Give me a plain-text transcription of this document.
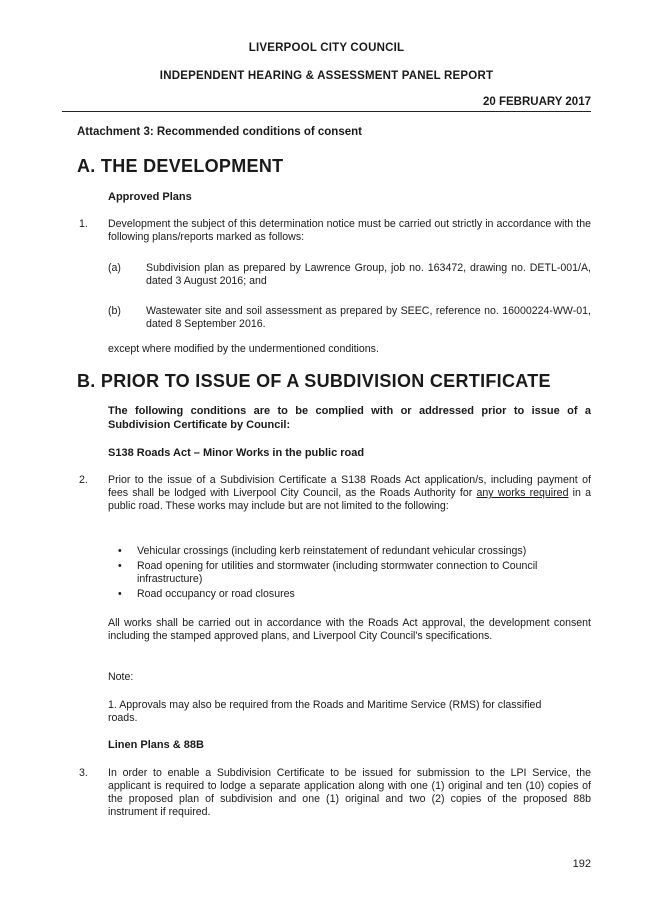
LIVERPOOL CITY COUNCIL
INDEPENDENT HEARING & ASSESSMENT PANEL REPORT
20 FEBRUARY 2017
Attachment 3: Recommended conditions of consent
A. THE DEVELOPMENT
Approved Plans
1. Development the subject of this determination notice must be carried out strictly in accordance with the following plans/reports marked as follows:
(a) Subdivision plan as prepared by Lawrence Group, job no. 163472, drawing no. DETL-001/A, dated 3 August 2016; and
(b) Wastewater site and soil assessment as prepared by SEEC, reference no. 16000224-WW-01, dated 8 September 2016.
except where modified by the undermentioned conditions.
B. PRIOR TO ISSUE OF A SUBDIVISION CERTIFICATE
The following conditions are to be complied with or addressed prior to issue of a Subdivision Certificate by Council:
S138 Roads Act – Minor Works in the public road
2. Prior to the issue of a Subdivision Certificate a S138 Roads Act application/s, including payment of fees shall be lodged with Liverpool City Council, as the Roads Authority for any works required in a public road. These works may include but are not limited to the following:
• Vehicular crossings (including kerb reinstatement of redundant vehicular crossings)
• Road opening for utilities and stormwater (including stormwater connection to Council infrastructure)
• Road occupancy or road closures
All works shall be carried out in accordance with the Roads Act approval, the development consent including the stamped approved plans, and Liverpool City Council's specifications.
Note:
1. Approvals may also be required from the Roads and Maritime Service (RMS) for classified roads.
Linen Plans & 88B
3. In order to enable a Subdivision Certificate to be issued for submission to the LPI Service, the applicant is required to lodge a separate application along with one (1) original and ten (10) copies of the proposed plan of subdivision and one (1) original and two (2) copies of the proposed 88b instrument if required.
192
